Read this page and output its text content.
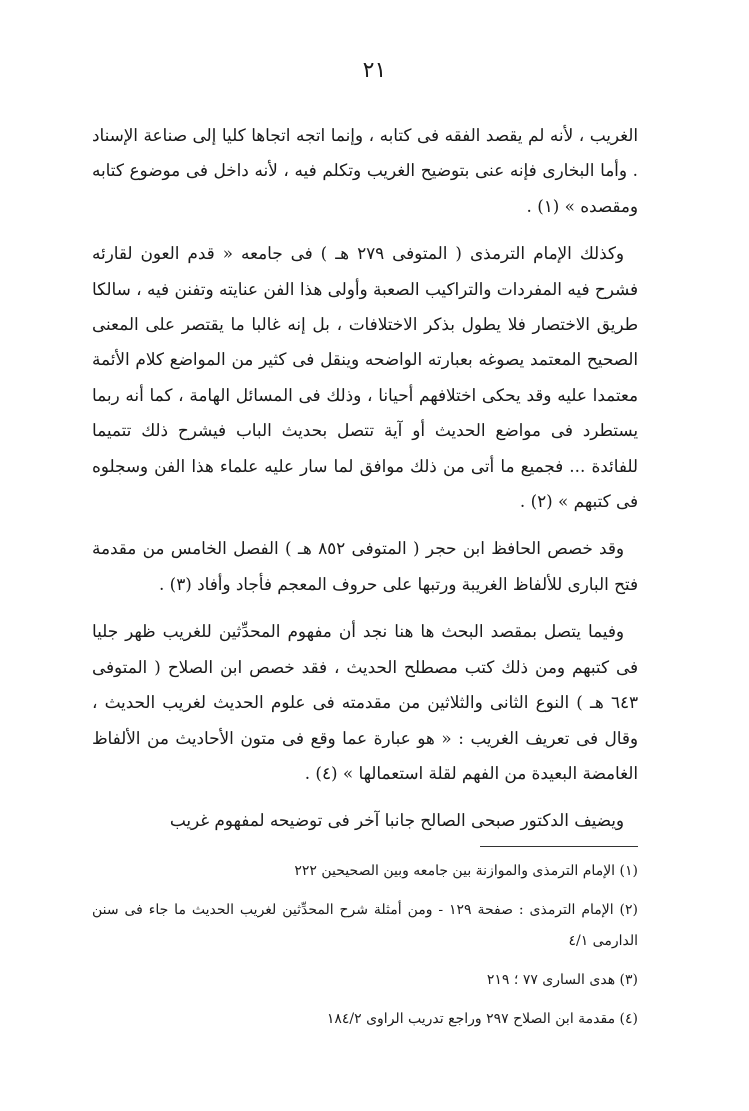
٢١

الغريب ، لأنه لم يقصد الفقه فى كتابه ، وإنما اتجه اتجاها كليا إلى صناعة الإسناد . وأما البخارى فإنه عنى بتوضيح الغريب وتكلم فيه ، لأنه داخل فى موضوع كتابه ومقصده » (١) .

وكذلك الإمام الترمذى ( المتوفى ٢٧٩ هـ ) فى جامعه « قدم العون لقارئه فشرح فيه المفردات والتراكيب الصعبة وأولى هذا الفن عنايته وتفنن فيه ، سالكا طريق الاختصار فلا يطول بذكر الاختلافات ، بل إنه غالبا ما يقتصر على المعنى الصحيح المعتمد يصوغه بعبارته الواضحه وينقل فى كثير من المواضع كلام الأئمة معتمدا عليه وقد يحكى اختلافهم أحيانا ، وذلك فى المسائل الهامة ، كما أنه ربما يستطرد فى مواضع الحديث أو آية تتصل بحديث الباب فيشرح ذلك تتميما للفائدة ... فجميع ما أتى من ذلك موافق لما سار عليه علماء هذا الفن وسجلوه فى كتبهم » (٢) .

وقد خصص الحافظ ابن حجر ( المتوفى ٨٥٢ هـ ) الفصل الخامس من مقدمة فتح البارى للألفاظ الغريبة ورتبها على حروف المعجم فأجاد وأفاد (٣) .

وفيما يتصل بمقصد البحث ها هنا نجد أن مفهوم المحدِّثين للغريب ظهر جليا فى كتبهم ومن ذلك كتب مصطلح الحديث ، فقد خصص ابن الصلاح ( المتوفى ٦٤٣ هـ ) النوع الثانى والثلاثين من مقدمته فى علوم الحديث لغريب الحديث ، وقال فى تعريف الغريب : « هو عبارة عما وقع فى متون الأحاديث من الألفاظ الغامضة البعيدة من الفهم لقلة استعمالها » (٤) .

ويضيف الدكتور صبحى الصالح جانبا آخر فى توضيحه لمفهوم غريب

(١) الإمام الترمذى والموازنة بين جامعه وبين الصحيحين ٢٢٢

(٢) الإمام الترمذى : صفحة ١٢٩ - ومن أمثلة شرح المحدِّثين لغريب الحديث ما جاء فى سنن الدارمى ٤/١

(٣) هدى السارى ٧٧ ؛ ٢١٩

(٤) مقدمة ابن الصلاح ٢٩٧ وراجع تدريب الراوى ١٨٤/٢
